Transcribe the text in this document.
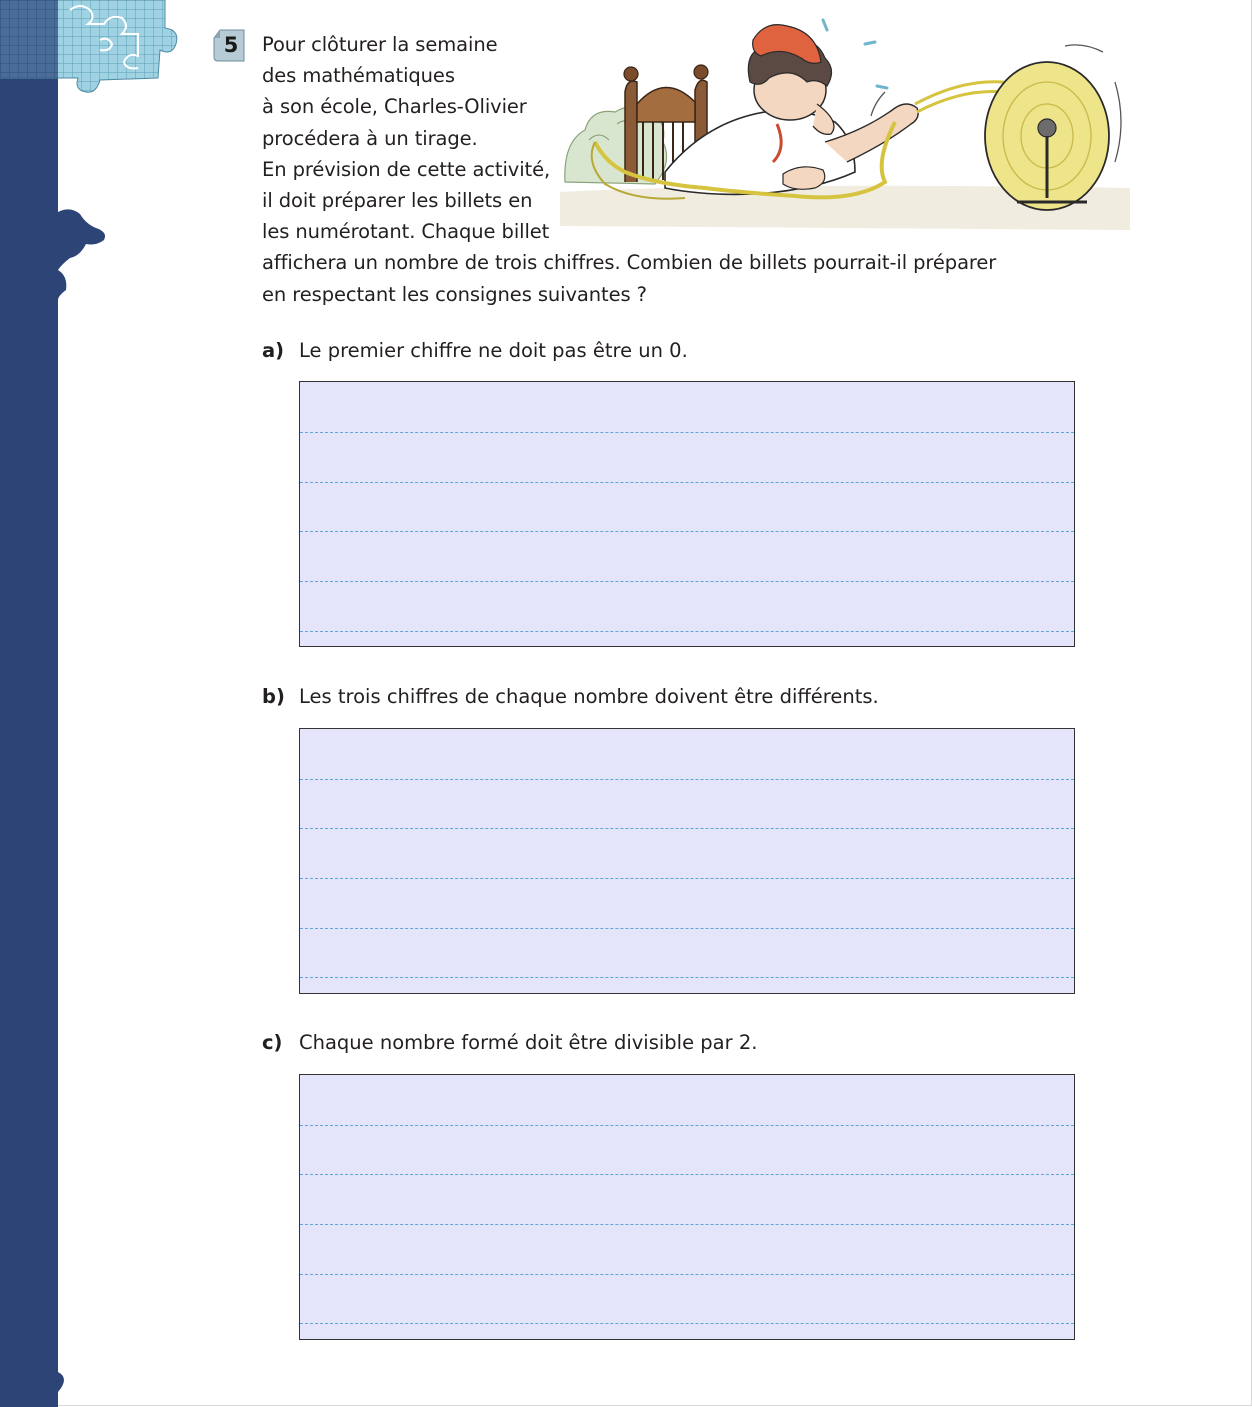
5 Pour clôturer la semaine
des mathématiques
à son école, Charles-Olivier
procédera à un tirage.
En prévision de cette activité,
il doit préparer les billets en
les numérotant. Chaque billet
affichera un nombre de trois chiffres. Combien de billets pourrait-il préparer
en respectant les consignes suivantes ?
a) Le premier chiffre ne doit pas être un 0.
b) Les trois chiffres de chaque nombre doivent être différents.
c) Chaque nombre formé doit être divisible par 2.
